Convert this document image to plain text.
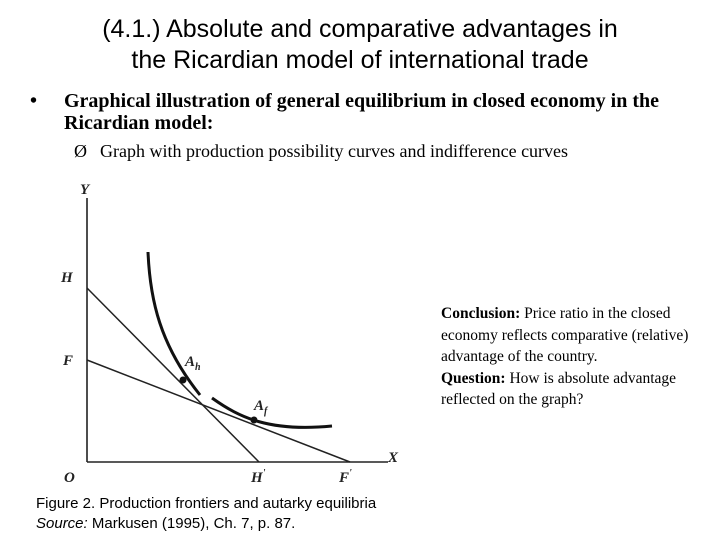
(4.1.) Absolute and comparative advantages in
the Ricardian model of international trade
• Graphical illustration of general equilibrium in closed economy in the Ricardian model:
Ø Graph with production possibility curves and indifference curves
Y
X
O
H
F
H'	F'
$A_h$
$A_f$
Conclusion: Price ratio in the closed economy reflects comparative (relative) advantage of the country.
Question: How is absolute advantage reflected on the graph?
Figure 2. Production frontiers and autarky equilibria
Source: Markusen (1995), Ch. 7, p. 87.
